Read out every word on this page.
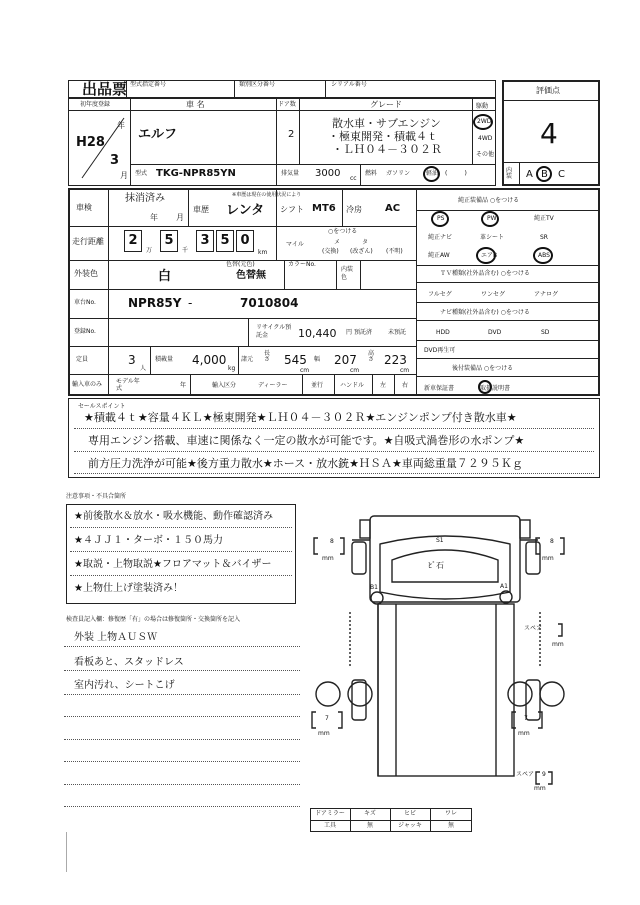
出品票 型式指定番号	類別区分番号	シリアル番号
評価点
4
内装	A B C
初年度登録
H28
年
3
月
車 名
エルフ
ドア数
2
グレード
散水車・サブエンジン
・極東開発・積載４ｔ
・ＬＨ０４－３０２Ｒ
駆動
2WD
4WD
その他
型式 TKG-NPR85YN	排気量 3000 cc
燃料 ガソリン	軽油 (         )
車検
抹消済み
年 月
車歴
※車歴は現在の使用状況により
レンタ シフト MT6 冷房 AC
走行距離	2
万
5
千
3 5 0
km
マイル
○をつける
メ
(交換)
タ
(改ざん) (不明)
外装色	白
色替(元色)
色替無
カラーNo.
内装色
車台No.	NPR85Y -	7010804
登録No.
リサイクル預託金	10,440 円 預託済	未預託
定員	3
人
積載量 4,000
kg
諸元
長さ 545
cm
幅 207
cm
高さ 223
cm
輸入車のみ モデル年式	年	輸入区分	ディーラー	並行	ハンドル	左	右
純正装備品 ○をつける
PS	PW	純正TV
純正ナビ	革シート	SR
純正AW	エアB	ABS
ＴＶ種類(社外品含む) ○をつける
フルセグ	ワンセグ	アナログ
ナビ種類(社外品含む) ○をつける
HDD	DVD	SD
DVD再生可
後付装備品 ○をつける
新車保証書	取扱説明書
セールスポイント
★積載４ｔ★容量４ＫＬ★極東開発★ＬＨ０４－３０２Ｒ★エンジンポンプ付き散水車★
専用エンジン搭載、車速に関係なく一定の散水が可能です。★自吸式渦巻形の水ポンプ★
前方圧力洗浄が可能★後方重力散水★ホース・放水銃★ＨＳＡ★車両総重量７２９５Ｋｇ
注意事項・不具合箇所
★前後散水＆放水・吸水機能、動作確認済み
★４ＪＪ１・ターボ・１５０馬力
★取説・上物取説★フロアマット＆バイザー
★上物仕上げ塗装済み！
検査員記入欄：修復歴「有」の場合は修復箇所・交換箇所を記入
外装 上物ＡＵＳＷ
看板あと、スタッドレス
室内汚れ、シートこげ
S1
ﾋﾞ石
B1	A1
8
mm
8
mm
7
mm
7
mm
スペア
mm
スペア 9
mm
ドアミラー	キズ	ヒビ	ワレ
工具	無	ジャッキ	無
